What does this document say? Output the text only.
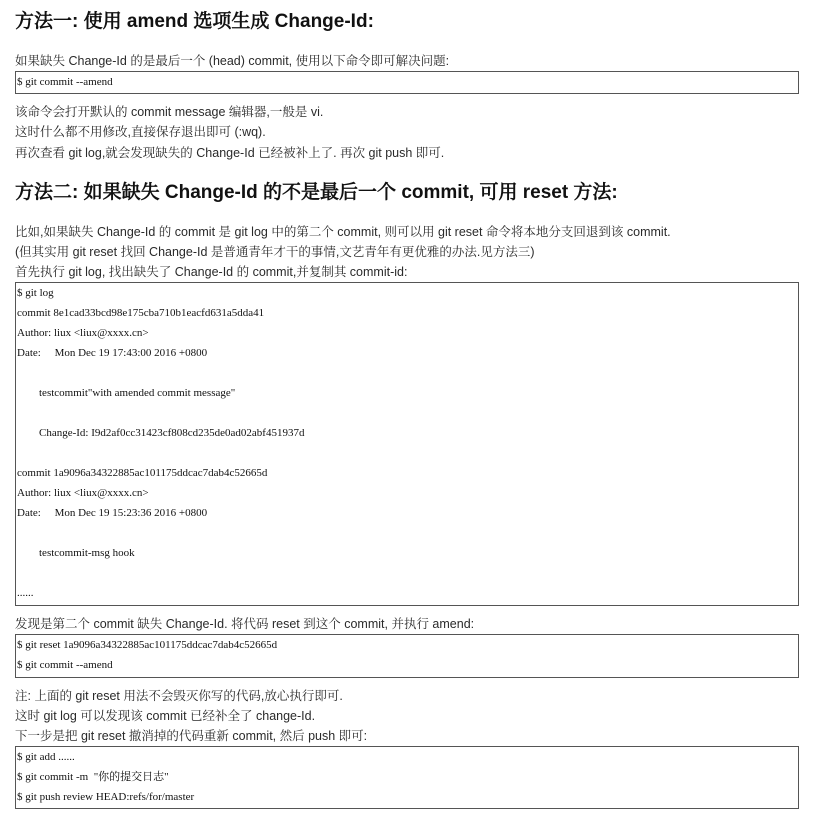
方法一: 使用 amend 选项生成 Change-Id:

如果缺失 Change-Id 的是最后一个 (head) commit, 使用以下命令即可解决问题:

$ git commit --amend

该命令会打开默认的 commit message 编辑器,一般是 vi.

这时什么都不用修改,直接保存退出即可 (:wq).

再次查看 git log,就会发现缺失的 Change-Id 已经被补上了. 再次 git push 即可.

方法二: 如果缺失 Change-Id 的不是最后一个 commit, 可用 reset 方法:

比如,如果缺失 Change-Id 的 commit 是 git log 中的第二个 commit, 则可以用 git reset 命令将本地分支回退到该 commit.

(但其实用 git reset 找回 Change-Id 是普通青年才干的事情,文艺青年有更优雅的办法.见方法三)

首先执行 git log, 找出缺失了 Change-Id 的 commit,并复制其 commit-id:

$ git log
commit 8e1cad33bcd98e175cba710b1eacfd631a5dda41
Author: liux <liux@xxxx.cn>
Date:     Mon Dec 19 17:43:00 2016 +0800
testcommit"with amended commit message"
Change-Id: I9d2af0cc31423cf808cd235de0ad02abf451937d
commit 1a9096a34322885ac101175ddcac7dab4c52665d
Author: liux <liux@xxxx.cn>
Date:     Mon Dec 19 15:23:36 2016 +0800
testcommit-msg hook
......

发现是第二个 commit 缺失 Change-Id. 将代码 reset 到这个 commit, 并执行 amend:

$ git reset 1a9096a34322885ac101175ddcac7dab4c52665d
$ git commit --amend

注: 上面的 git reset 用法不会毁灭你写的代码,放心执行即可.

这时 git log 可以发现该 commit 已经补全了 change-Id.

下一步是把 git reset 撤消掉的代码重新 commit, 然后 push 即可:

$ git add ......
$ git commit -m  "你的提交日志"
$ git push review HEAD:refs/for/master
